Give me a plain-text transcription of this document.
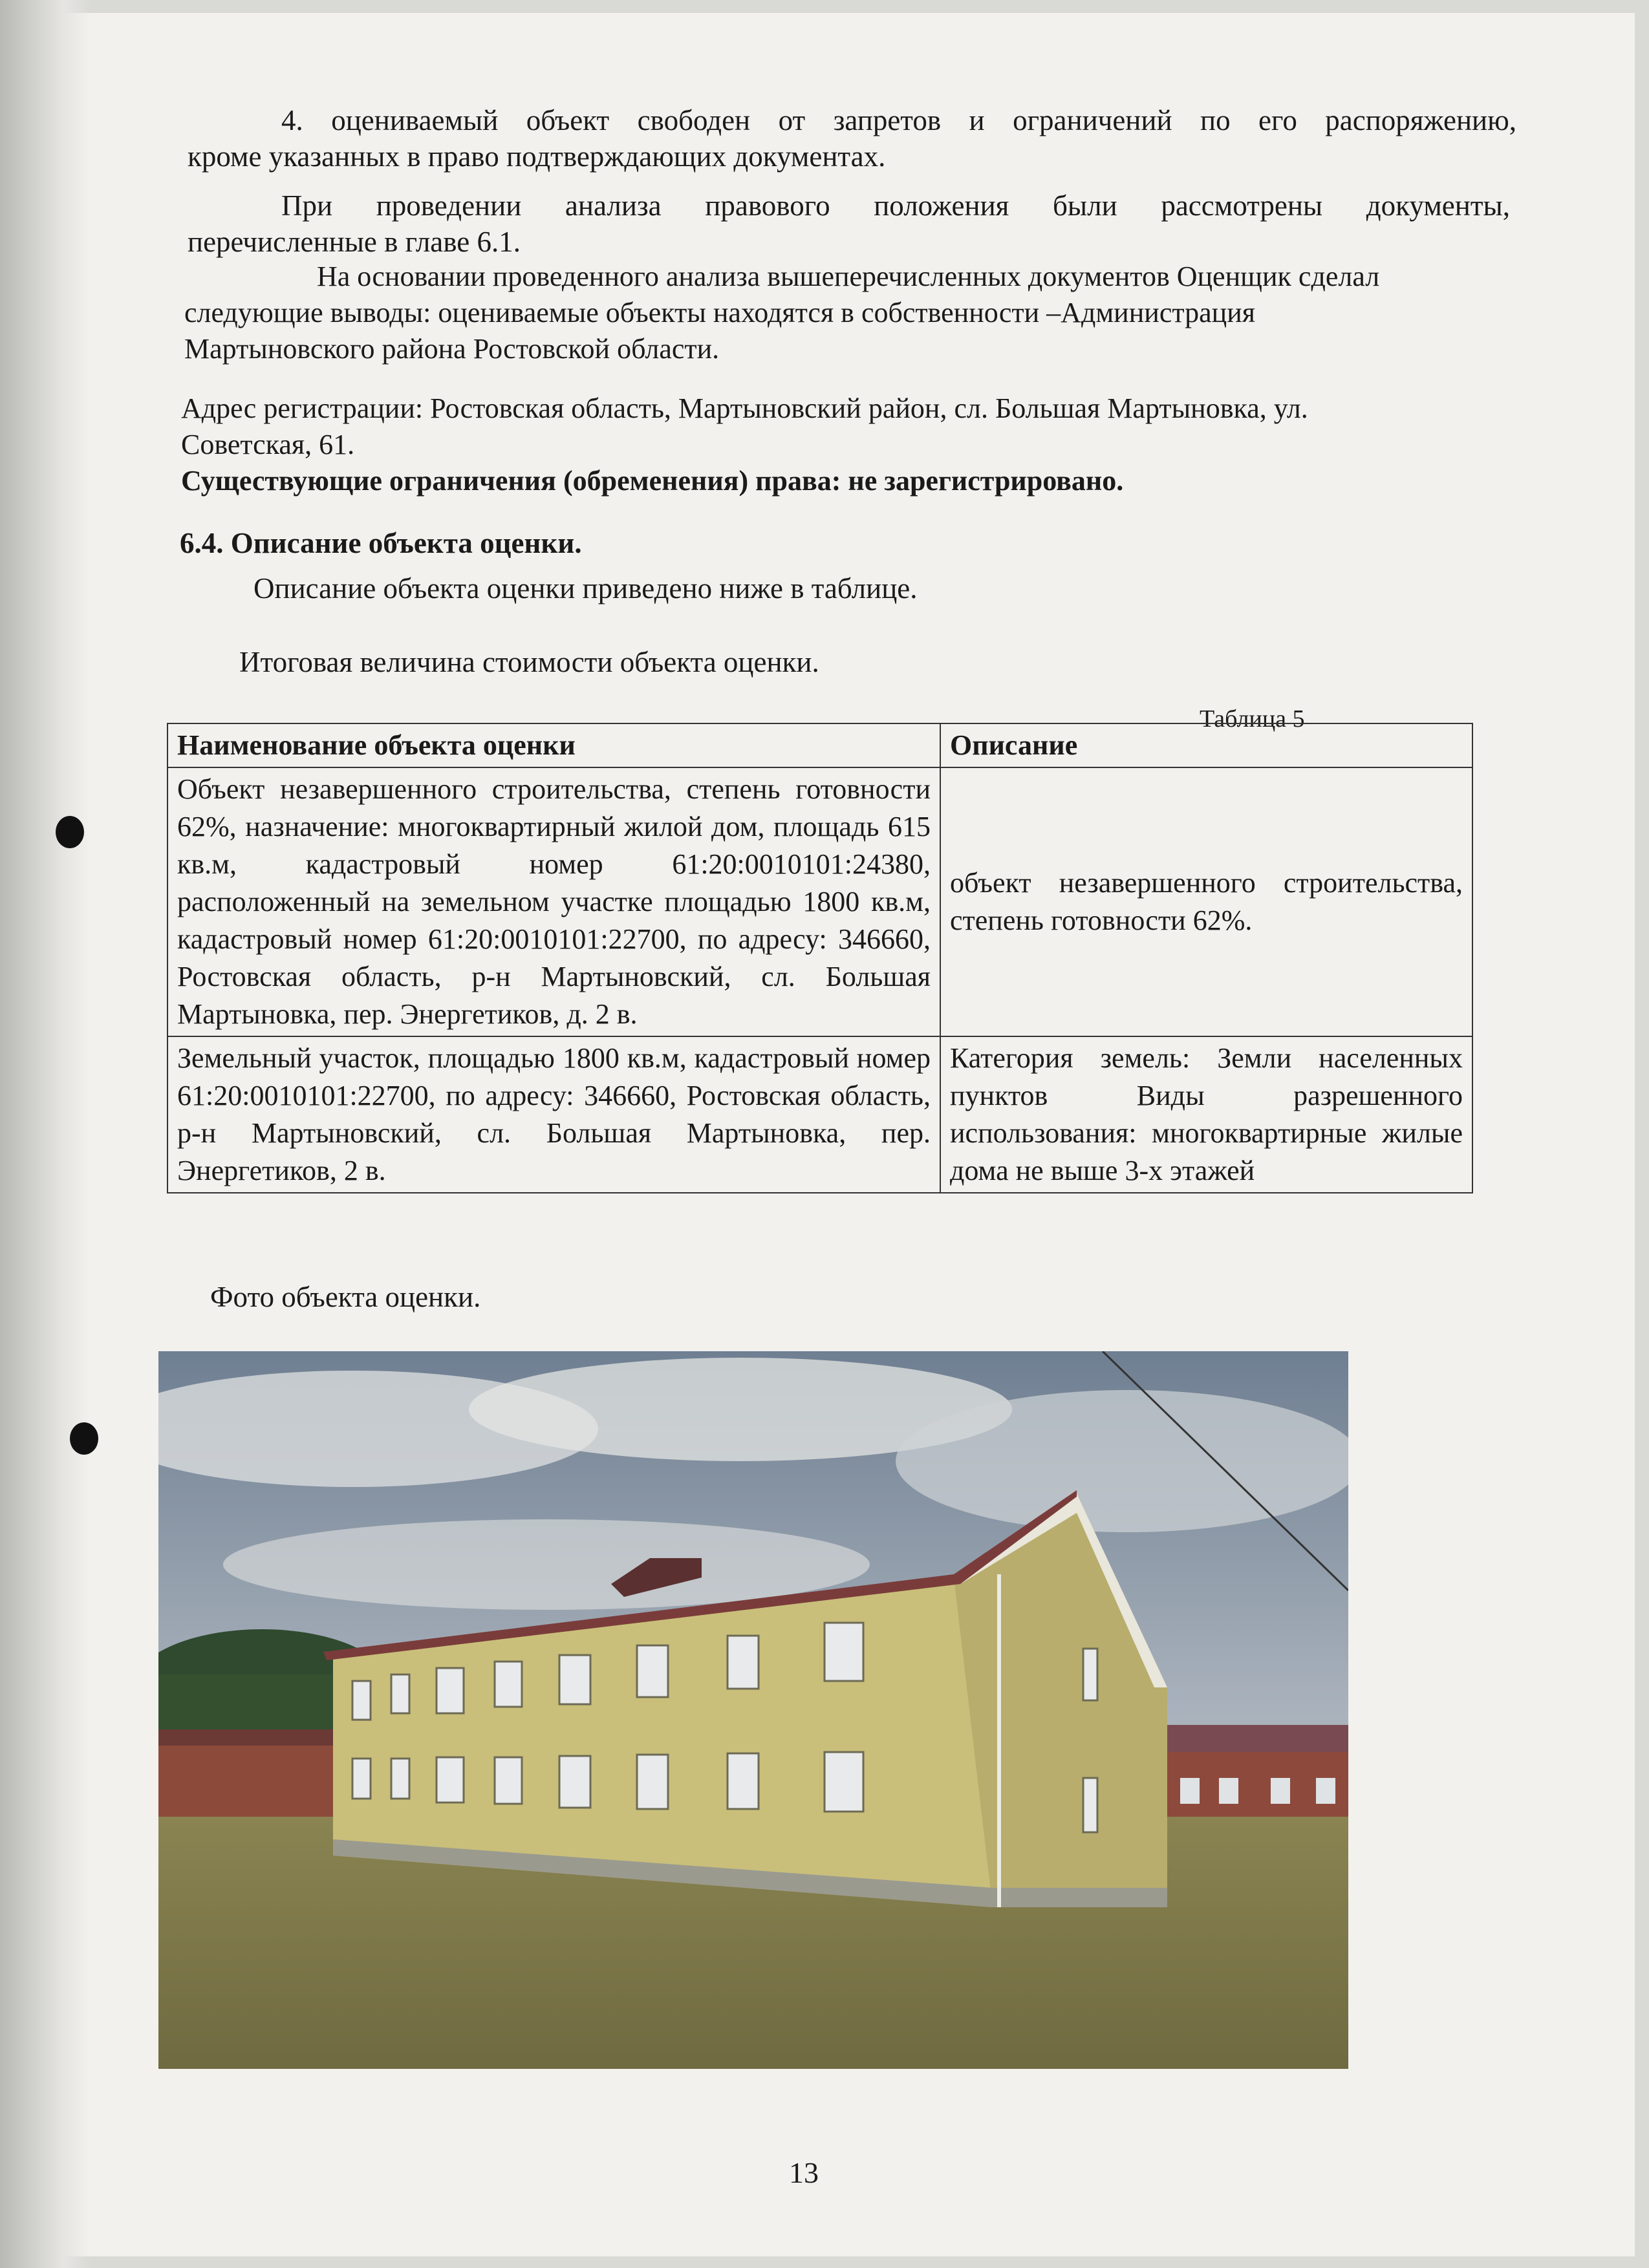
4. оцениваемый объект свободен от запретов и ограничений по его распоряжению,

кроме указанных в право подтверждающих документах.

При проведении анализа правового положения были рассмотрены документы,

перечисленные в главе 6.1.

На основании проведенного анализа вышеперечисленных документов Оценщик сделал

следующие выводы: оцениваемые объекты находятся в собственности –Администрация

Мартыновского района Ростовской области.

Адрес регистрации: Ростовская область, Мартыновский район, сл. Большая Мартыновка, ул.

Советская, 61.

Существующие ограничения (обременения) права: не зарегистрировано.

6.4. Описание объекта оценки.

Описание объекта оценки приведено ниже в таблице.

Итоговая величина стоимости объекта оценки.

Таблица 5
Наименование объекта оценки	Описание
Объект незавершенного строительства, степень готовности 62%, назначение: многоквартирный жилой дом, площадь 615 кв.м, кадастровый номер 61:20:0010101:24380, расположенный на земельном участке площадью 1800 кв.м, кадастровый номер 61:20:0010101:22700, по адресу: 346660, Ростовская область, р-н Мартыновский, сл. Большая Мартыновка, пер. Энергетиков, д. 2 в.	объект незавершенного строительства, степень готовности 62%.
Земельный участок, площадью 1800 кв.м, кадастровый номер 61:20:0010101:22700, по адресу: 346660, Ростовская область, р-н Мартыновский, сл. Большая Мартыновка, пер. Энергетиков, 2 в.	Категория земель: Земли населенных пунктов Виды разрешенного использования: многоквартирные жилые дома не выше 3-х этажей

Фото объекта оценки.

13
